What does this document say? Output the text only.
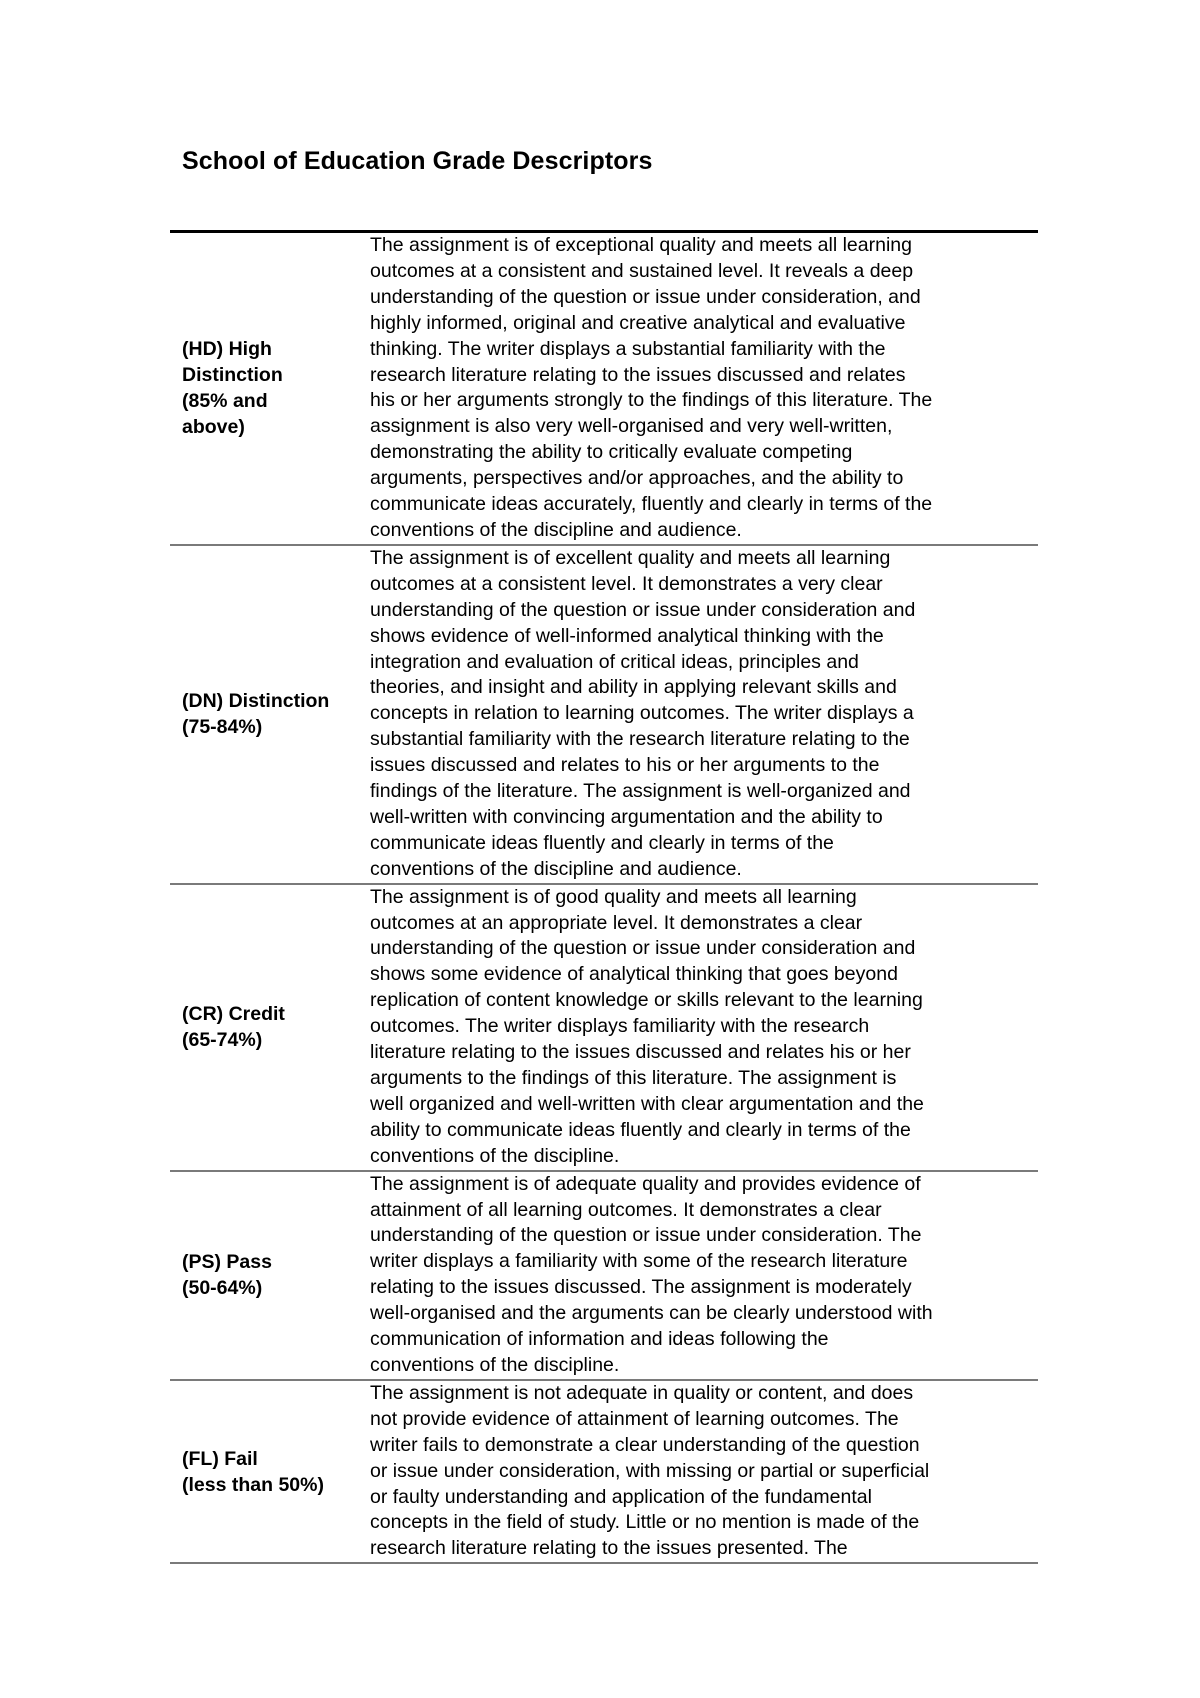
School of Education Grade Descriptors
(HD) High
Distinction
(85% and
above)
The assignment is of exceptional quality and meets all learning
outcomes at a consistent and sustained level. It reveals a deep
understanding of the question or issue under consideration, and
highly informed, original and creative analytical and evaluative
thinking. The writer displays a substantial familiarity with the
research literature relating to the issues discussed and relates
his or her arguments strongly to the findings of this literature. The
assignment is also very well-organised and very well-written,
demonstrating the ability to critically evaluate competing
arguments, perspectives and/or approaches, and the ability to
communicate ideas accurately, fluently and clearly in terms of the
conventions of the discipline and audience.
(DN) Distinction
(75-84%)
The assignment is of excellent quality and meets all learning
outcomes at a consistent level. It demonstrates a very clear
understanding of the question or issue under consideration and
shows evidence of well-informed analytical thinking with the
integration and evaluation of critical ideas, principles and
theories, and insight and ability in applying relevant skills and
concepts in relation to learning outcomes. The writer displays a
substantial familiarity with the research literature relating to the
issues discussed and relates to his or her arguments to the
findings of the literature. The assignment is well-organized and
well-written with convincing argumentation and the ability to
communicate ideas fluently and clearly in terms of the
conventions of the discipline and audience.
(CR) Credit
(65-74%)
The assignment is of good quality and meets all learning
outcomes at an appropriate level. It demonstrates a clear
understanding of the question or issue under consideration and
shows some evidence of analytical thinking that goes beyond
replication of content knowledge or skills relevant to the learning
outcomes. The writer displays familiarity with the research
literature relating to the issues discussed and relates his or her
arguments to the findings of this literature. The assignment is
well organized and well-written with clear argumentation and the
ability to communicate ideas fluently and clearly in terms of the
conventions of the discipline.
(PS) Pass
(50-64%)
The assignment is of adequate quality and provides evidence of
attainment of all learning outcomes. It demonstrates a clear
understanding of the question or issue under consideration. The
writer displays a familiarity with some of the research literature
relating to the issues discussed. The assignment is moderately
well-organised and the arguments can be clearly understood with
communication of information and ideas following the
conventions of the discipline.
(FL) Fail
(less than 50%)
The assignment is not adequate in quality or content, and does
not provide evidence of attainment of learning outcomes. The
writer fails to demonstrate a clear understanding of the question
or issue under consideration, with missing or partial or superficial
or faulty understanding and application of the fundamental
concepts in the field of study. Little or no mention is made of the
research literature relating to the issues presented. The
